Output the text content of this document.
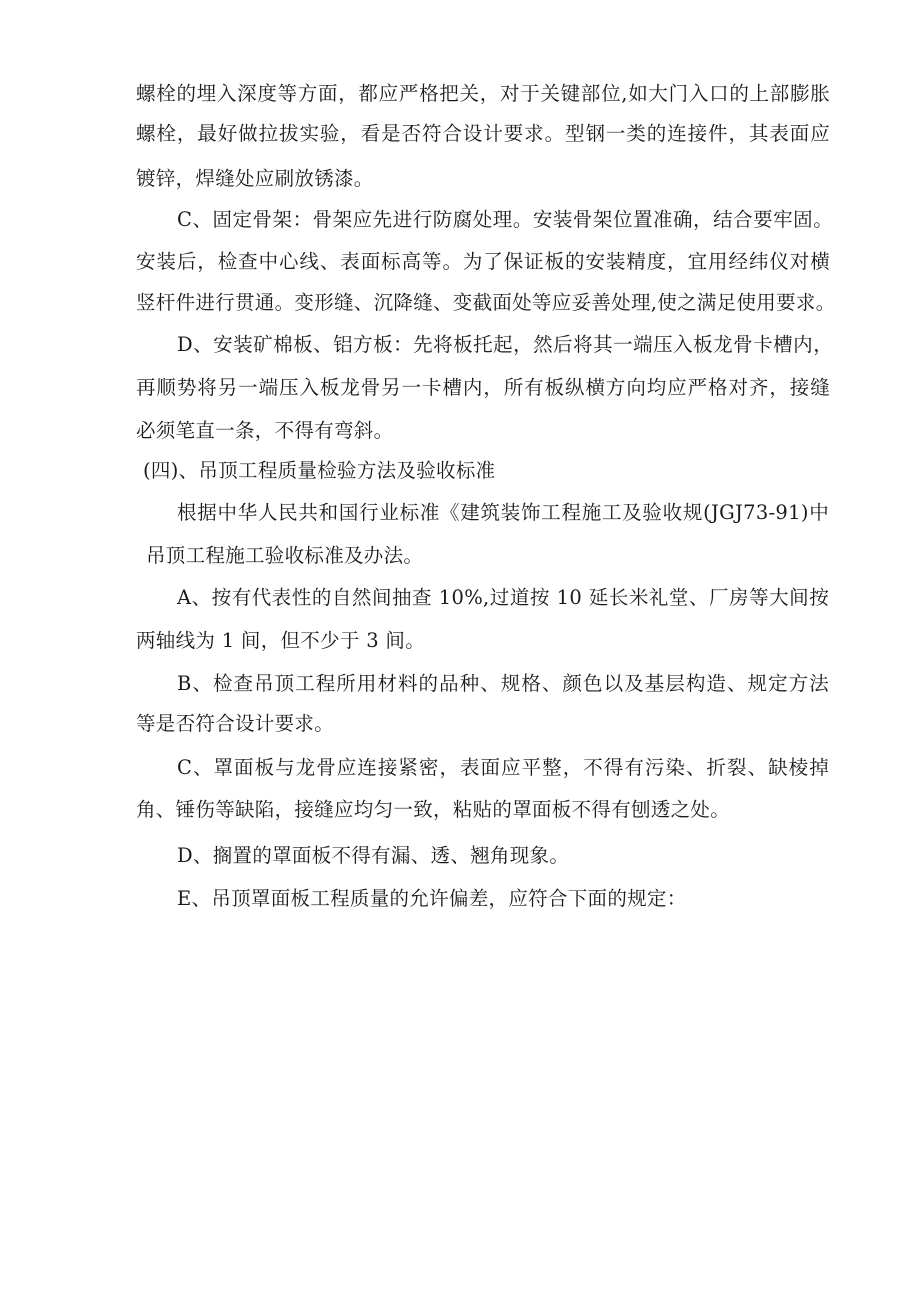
螺栓的埋入深度等方面，都应严格把关，对于关键部位,如大门入口的上部膨胀
螺栓，最好做拉拔实验，看是否符合设计要求。型钢一类的连接件，其表面应
镀锌，焊缝处应刷放锈漆。
C、固定骨架：骨架应先进行防腐处理。安装骨架位置准确，结合要牢固。
安装后，检查中心线、表面标高等。为了保证板的安装精度，宜用经纬仪对横
竖杆件进行贯通。变形缝、沉降缝、变截面处等应妥善处理,使之满足使用要求。
D、安装矿棉板、铝方板：先将板托起，然后将其一端压入板龙骨卡槽内，
再顺势将另一端压入板龙骨另一卡槽内，所有板纵横方向均应严格对齐，接缝
必须笔直一条，不得有弯斜。
(四)、吊顶工程质量检验方法及验收标准
根据中华人民共和国行业标准《建筑装饰工程施工及验收规(JGJ73-91)中
吊顶工程施工验收标准及办法。
A、按有代表性的自然间抽查 10%,过道按 10 延长米礼堂、厂房等大间按
两轴线为 1 间，但不少于 3 间。
B、检查吊顶工程所用材料的品种、规格、颜色以及基层构造、规定方法
等是否符合设计要求。
C、罩面板与龙骨应连接紧密，表面应平整，不得有污染、折裂、缺棱掉
角、锤伤等缺陷，接缝应均匀一致，粘贴的罩面板不得有刨透之处。
D、搁置的罩面板不得有漏、透、翘角现象。
E、吊顶罩面板工程质量的允许偏差，应符合下面的规定：
